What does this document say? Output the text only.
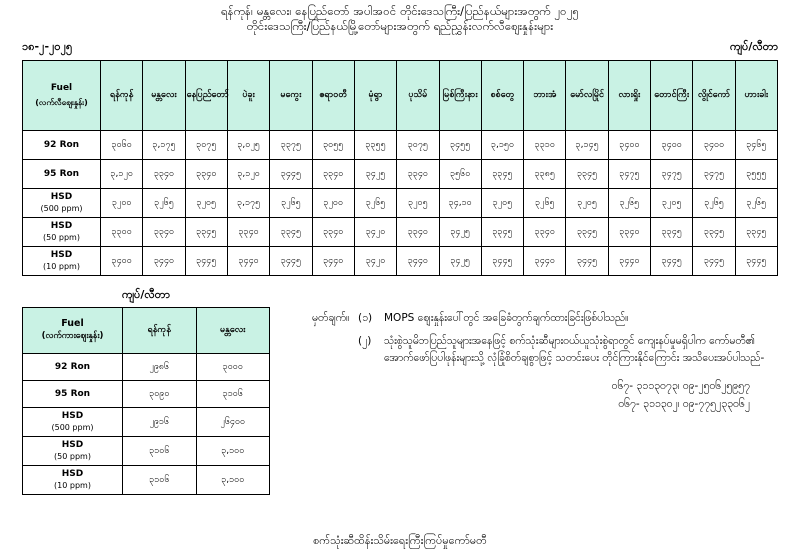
ရန်ကုန်၊ မန္တလေး၊ နေပြည်တော် အပါအဝင် တိုင်းဒေသကြီး/ပြည်နယ်များအတွက် ၂၀၂၅
တိုင်းဒေသကြီး/ပြည်နယ်မြို့တော်များအတွက် ရည်ညွှန်းလက်လီဈေးနှုန်းများ
၁၈-၂-၂၀၂၅	ကျပ်/လီတာ
Fuel
(လက်လီဈေးနှုန်း)	ရန်ကုန်	မန္တလေး	နေပြည်တော်	ပဲခူး	မကွေး	ဧရာဝတီ	မုံရွာ	ပုသိမ်	မြစ်ကြီးနား	စစ်တွေ	ဘားအံ	မော်လမြိုင်	လားရှိုး	တောင်ကြီး	လွိုင်ကော်	ဟားခါး
92 Ron	၃၀၆၀	၃,၁၇၅	၃၀၇၅	၃,၀၂၅	၃၃၇၅	၃၀၅၅	၃၃၅၅	၃၀၇၅	၃၄၅၅	၃,၁၅၀	၃၃၁၀	၃,၁၄၅	၃၄၀၀	၃၄၀၀	၃၄၀၀	၃၄၆၅
95 Ron	၃,၁၂၀	၃၃၄၀	၃၃၄၀	၃,၁၂၀	၃၄၄၅	၃၃၄၀	၃၄၂၅	၃၃၄၀	၃၅၆၀	၃၃၄၅	၃၃၈၅	၃၃၄၅	၃၄၇၅	၃၄၇၅	၃၄၇၅	၃၅၅၅
HSD
(500 ppm)	၃၂၀၀	၃၂၆၅	၃၂၀၅	၃,၁၇၅	၃၂၆၅	၃၂၀၀	၃၂၆၅	၃၂၀၅	၃၄,၁၀	၃၂၀၅	၃၂၆၅	၃၂၀၅	၃၂၆၅	၃၂၀၅	၃၂၆၅	၃၂၆၅
HSD
(50 ppm)	၃၃၀၀	၃၃၄၀	၃၃၄၅	၃၃၄၀	၃၃၄၅	၃၃၄၀	၃၄၂၀	၃၃၄၀	၃၄၂၅	၃၃၄၅	၃၃၄၀	၃၃၄၅	၃၃၄၀	၃၃၄၅	၃၃၄၅	၃၃၄၅
HSD
(10 ppm)	၃၄၀၀	၃၄၄၀	၃၄၄၅	၃၄၄၀	၃၄၄၅	၃၄၄၀	၃၄၂၀	၃၄၄၀	၃၄၂၅	၃၄၄၅	၃၄၄၀	၃၄၄၅	၃၄၄၀	၃၄၄၅	၃၄၄၅	၃၄၄၅
ကျပ်/လီတာ
Fuel
(လက်ကားဈေးနှုန်း)	ရန်ကုန်	မန္တလေး
92 Ron	၂၉၈၆	၃၀၀၀
95 Ron	၃၀၉၀	၃၁၀၆
HSD
(500 ppm)	၂၉၁၆	၂၆၄၀၀
HSD
(50 ppm)	၃၁၀၆	၃,၁၀၀
HSD
(10 ppm)	၃၁၀၆	၃,၁၀၀
မှတ်ချက်။ (၁)	MOPS ဈေးနှုန်းပေါ်တွင် အခြေခံတွက်ချက်ထားခြင်းဖြစ်ပါသည်။
(၂)	သုံးစွဲသူမိဘပြည်သူများအနေဖြင့် စက်သုံးဆီများဝယ်ယူသုံးစွဲရာတွင် ကျေးနပ်မှုမရှိပါက ကော်မတီ၏ အောက်ဖော်ပြပါဖုန်းများသို့ လုံခြုံစိတ်ချစွာဖြင့် သတင်းပေး တိုင်ကြားနိုင်ကြောင်း အသိပေးအပ်ပါသည်-
၀၆၇- ၃၁၁၃၀၇၃၊ ၀၉-၂၅၀၆၂၅၉၅၇
၀၆၇- ၃၁၁၃၀၂၊ ၀၉-၇၇၅၂၃၃၀၆၂
စက်သုံးဆီထိန်းသိမ်းရေးကြီးကြပ်မှုကော်မတီ
